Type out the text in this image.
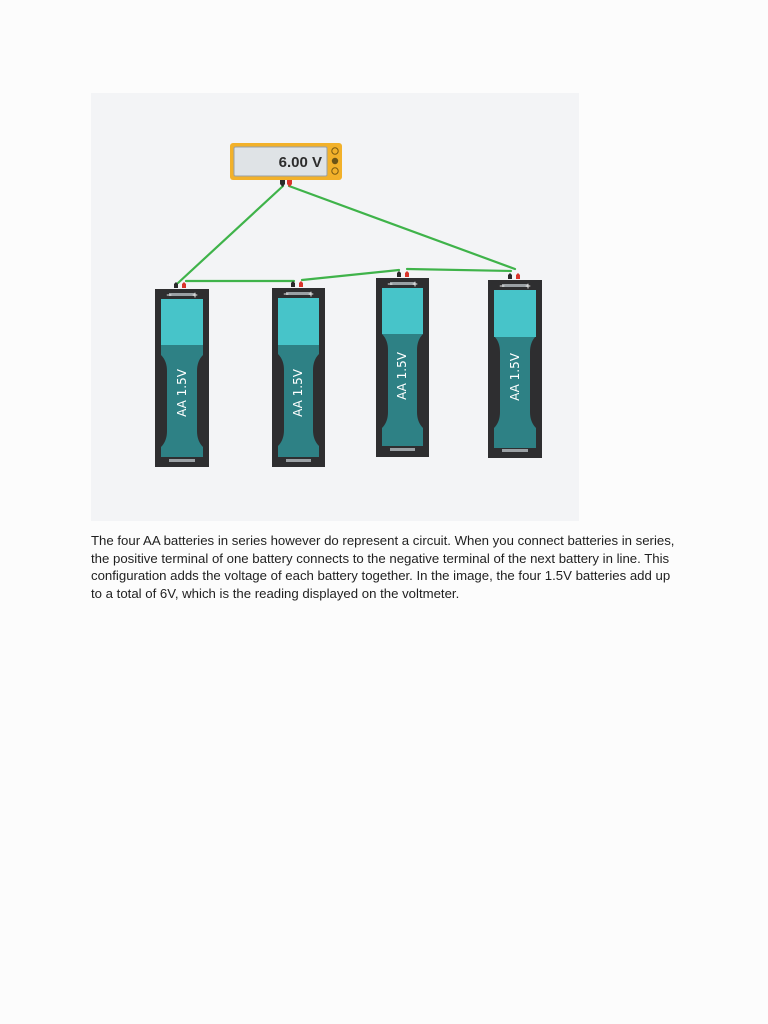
6.00 V
− +
AA 1.5V
− +
AA 1.5V
− +
AA 1.5V
− +
AA 1.5V

The four AA batteries in series however do represent a circuit. When you connect batteries in series, the positive terminal of one battery connects to the negative terminal of the next battery in line. This configuration adds the voltage of each battery together. In the image, the four 1.5V batteries add up to a total of 6V, which is the reading displayed on the voltmeter.
